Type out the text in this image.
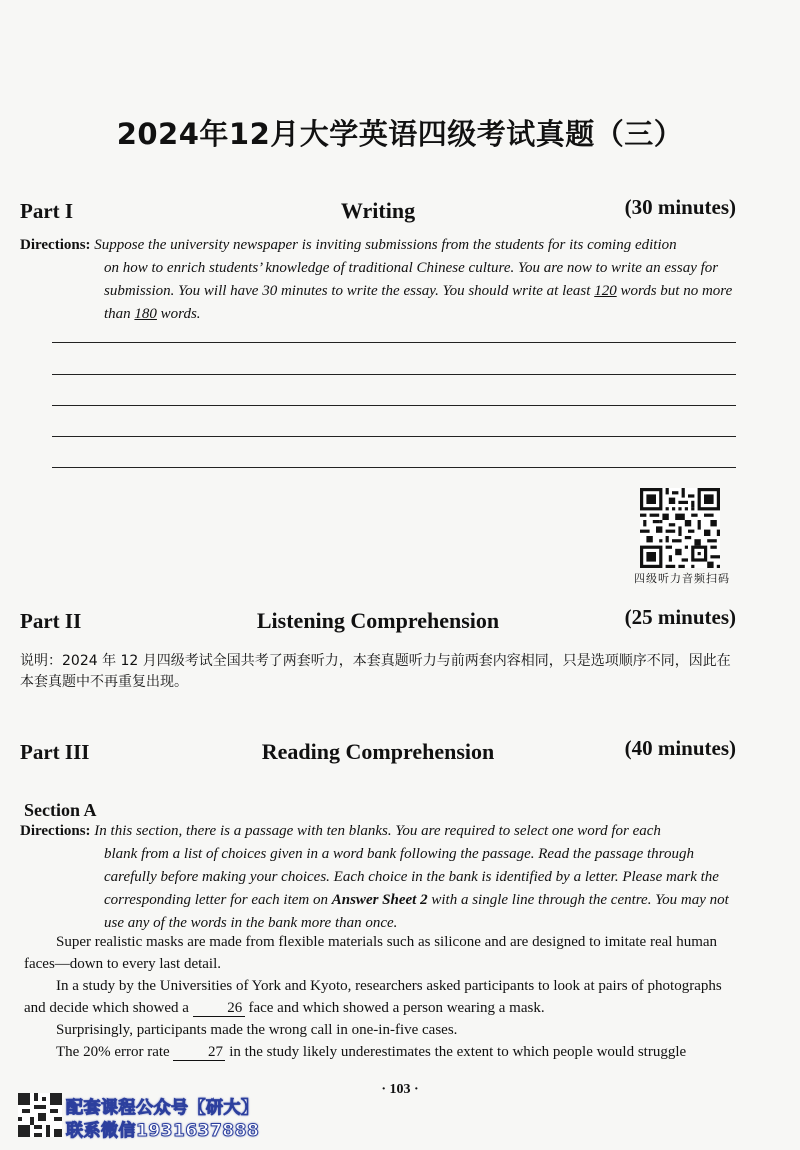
2024年12月大学英语四级考试真题（三）
Part I	Writing	(30 minutes)
Directions: Suppose the university newspaper is inviting submissions from the students for its coming edition
on how to enrich students’ knowledge of traditional Chinese culture. You are now to write an essay for submission. You will have 30 minutes to write the essay. You should write at least 120 words but no more than 180 words.
四级听力音频扫码
Part II	Listening Comprehension	(25 minutes)
说明：2024 年 12 月四级考试全国共考了两套听力，本套真题听力与前两套内容相同，只是选项顺序不同，因此在本套真题中不再重复出现。
Part III	Reading Comprehension	(40 minutes)
Section A
Directions: In this section, there is a passage with ten blanks. You are required to select one word for each
blank from a list of choices given in a word bank following the passage. Read the passage through carefully before making your choices. Each choice in the bank is identified by a letter. Please mark the corresponding letter for each item on Answer Sheet 2 with a single line through the centre. You may not use any of the words in the bank more than once.

Super realistic masks are made from flexible materials such as silicone and are designed to imitate real human faces—down to every last detail.

In a study by the Universities of York and Kyoto, researchers asked participants to look at pairs of photographs and decide which showed a 26 face and which showed a person wearing a mask.

Surprisingly, participants made the wrong call in one-in-five cases.

The 20% error rate 27 in the study likely underestimates the extent to which people would struggle

· 103 ·
配套课程公众号【研大】
联系微信1931637888
